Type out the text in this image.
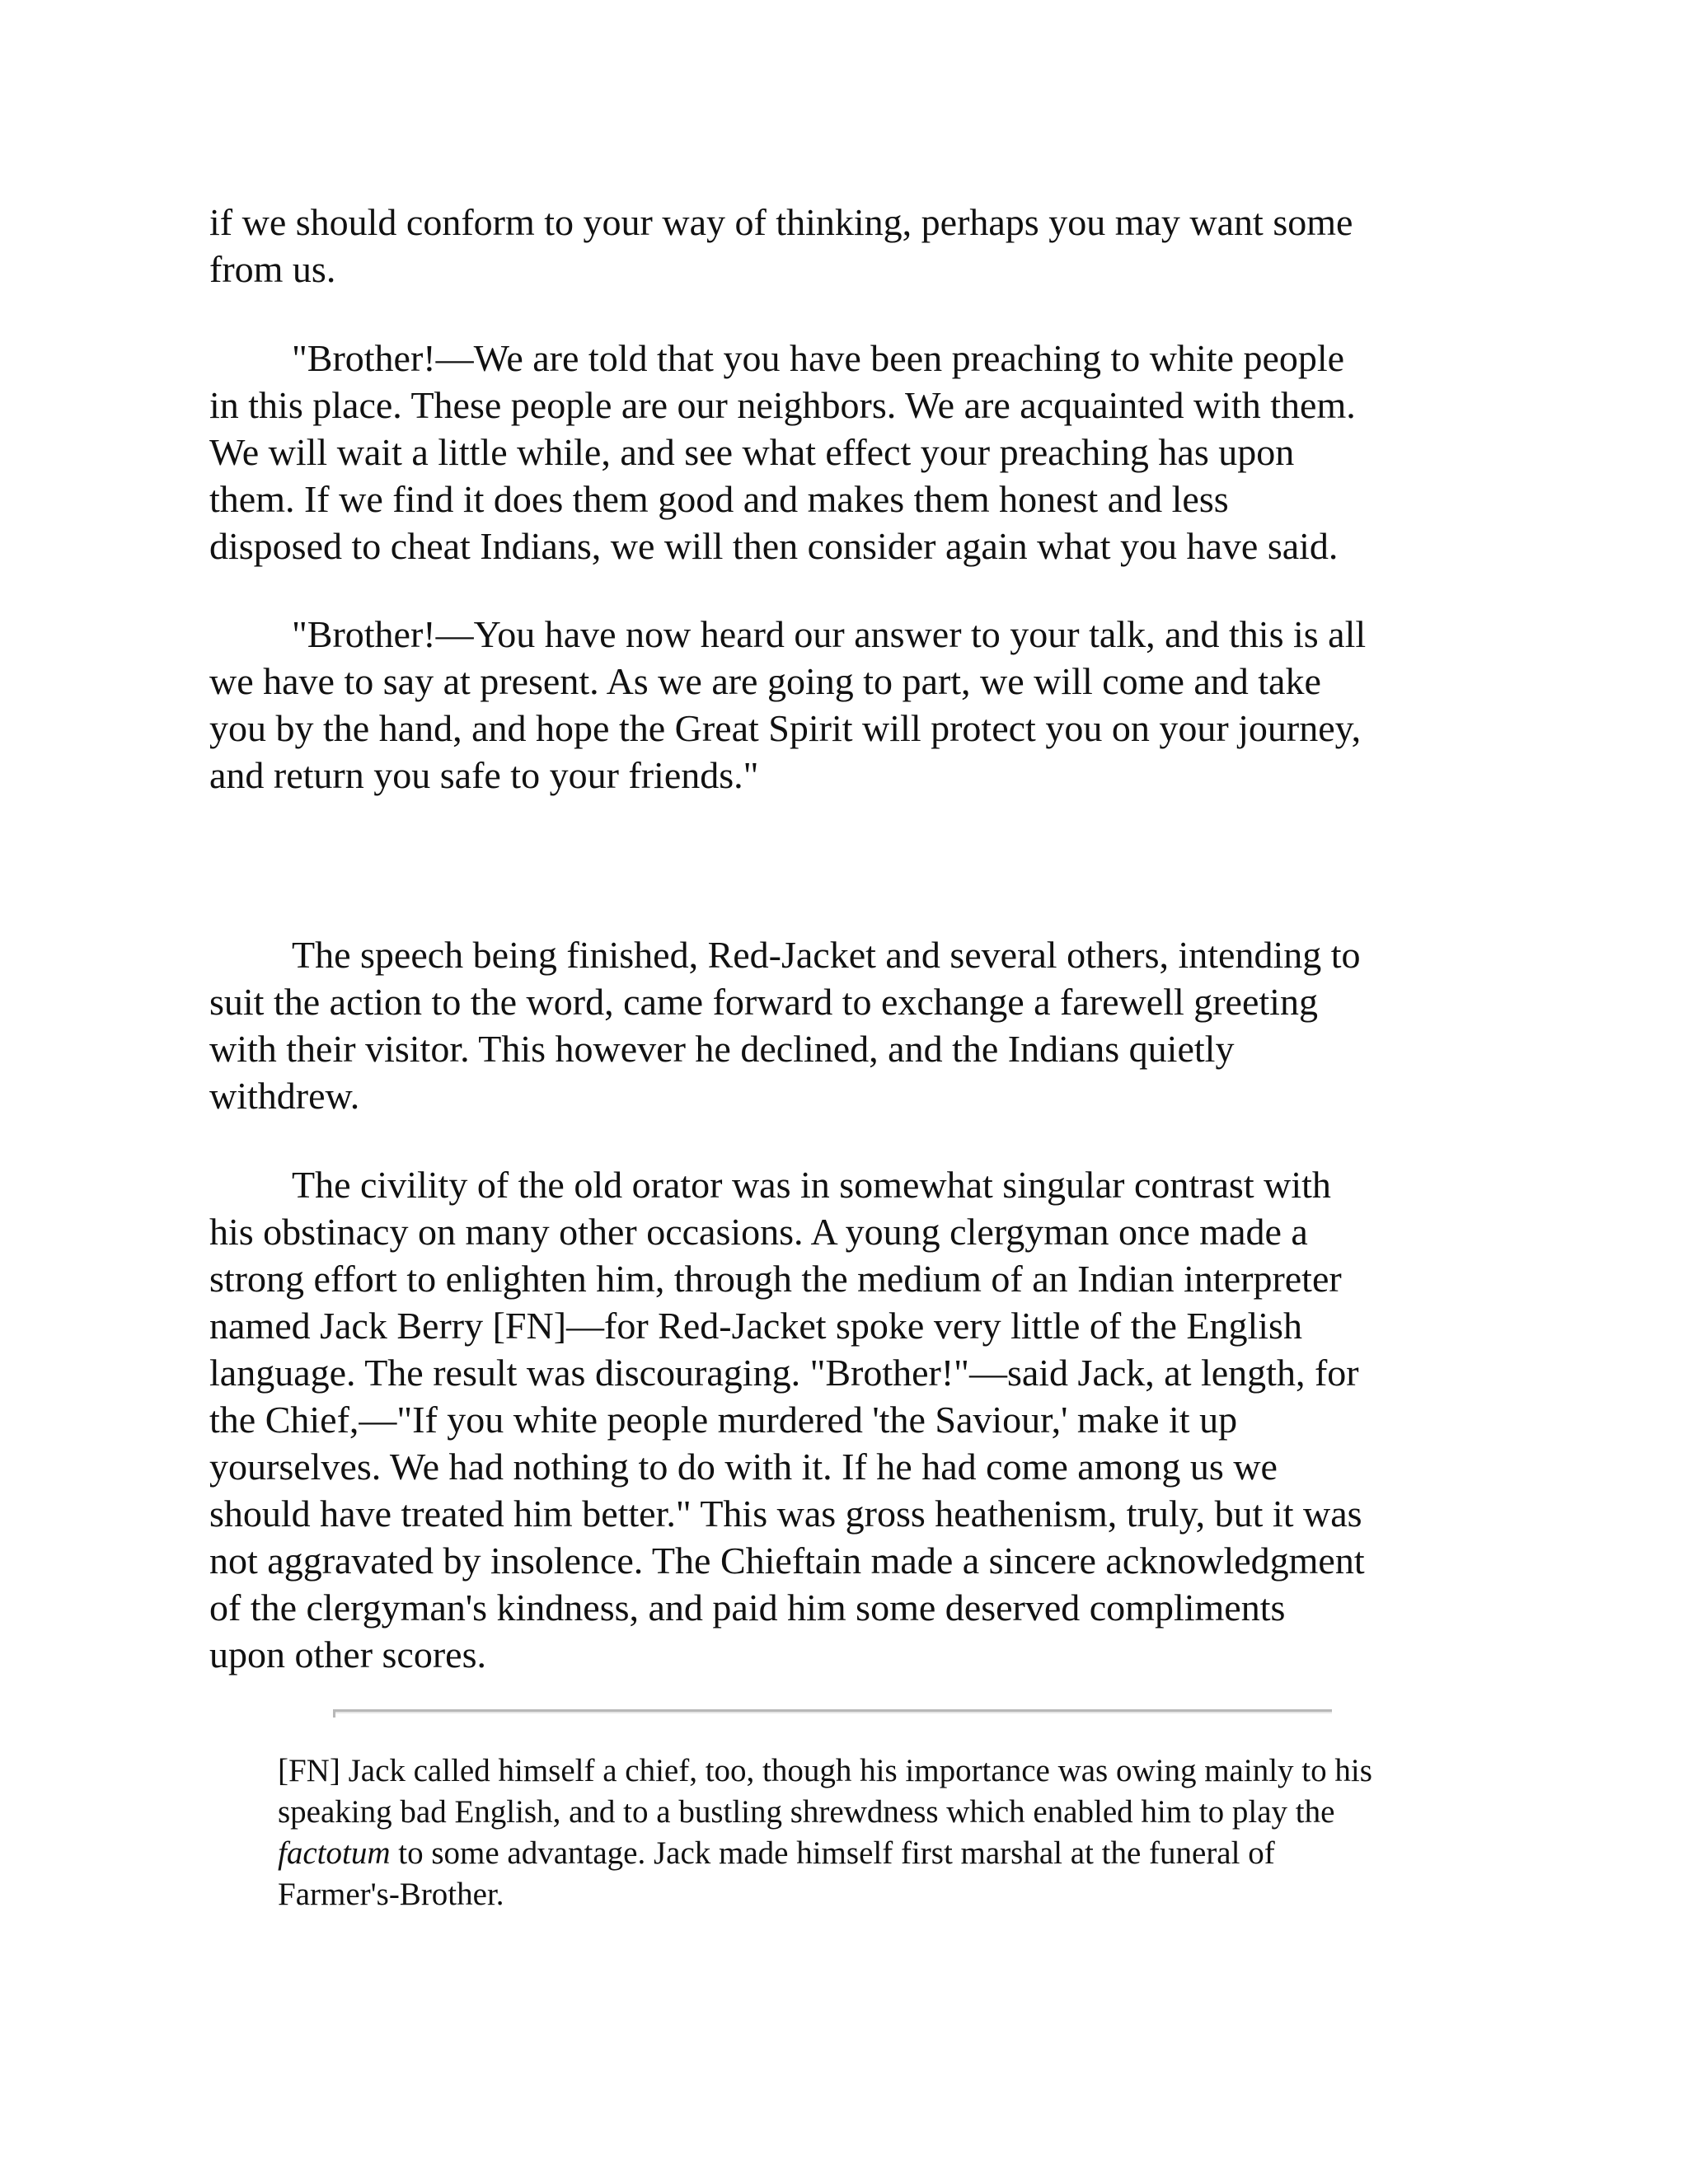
if we should conform to your way of thinking, perhaps you may want some
from us.
"Brother!—We are told that you have been preaching to white people
in this place. These people are our neighbors. We are acquainted with them.
We will wait a little while, and see what effect your preaching has upon
them. If we find it does them good and makes them honest and less
disposed to cheat Indians, we will then consider again what you have said.
"Brother!—You have now heard our answer to your talk, and this is all
we have to say at present. As we are going to part, we will come and take
you by the hand, and hope the Great Spirit will protect you on your journey,
and return you safe to your friends."
The speech being finished, Red-Jacket and several others, intending to
suit the action to the word, came forward to exchange a farewell greeting
with their visitor. This however he declined, and the Indians quietly
withdrew.
The civility of the old orator was in somewhat singular contrast with
his obstinacy on many other occasions. A young clergyman once made a
strong effort to enlighten him, through the medium of an Indian interpreter
named Jack Berry [FN]—for Red-Jacket spoke very little of the English
language. The result was discouraging. "Brother!"—said Jack, at length, for
the Chief,—"If you white people murdered 'the Saviour,' make it up
yourselves. We had nothing to do with it. If he had come among us we
should have treated him better." This was gross heathenism, truly, but it was
not aggravated by insolence. The Chieftain made a sincere acknowledgment
of the clergyman's kindness, and paid him some deserved compliments
upon other scores.
[FN] Jack called himself a chief, too, though his importance was owing mainly to his
speaking bad English, and to a bustling shrewdness which enabled him to play the
factotum to some advantage. Jack made himself first marshal at the funeral of
Farmer's-Brother.
